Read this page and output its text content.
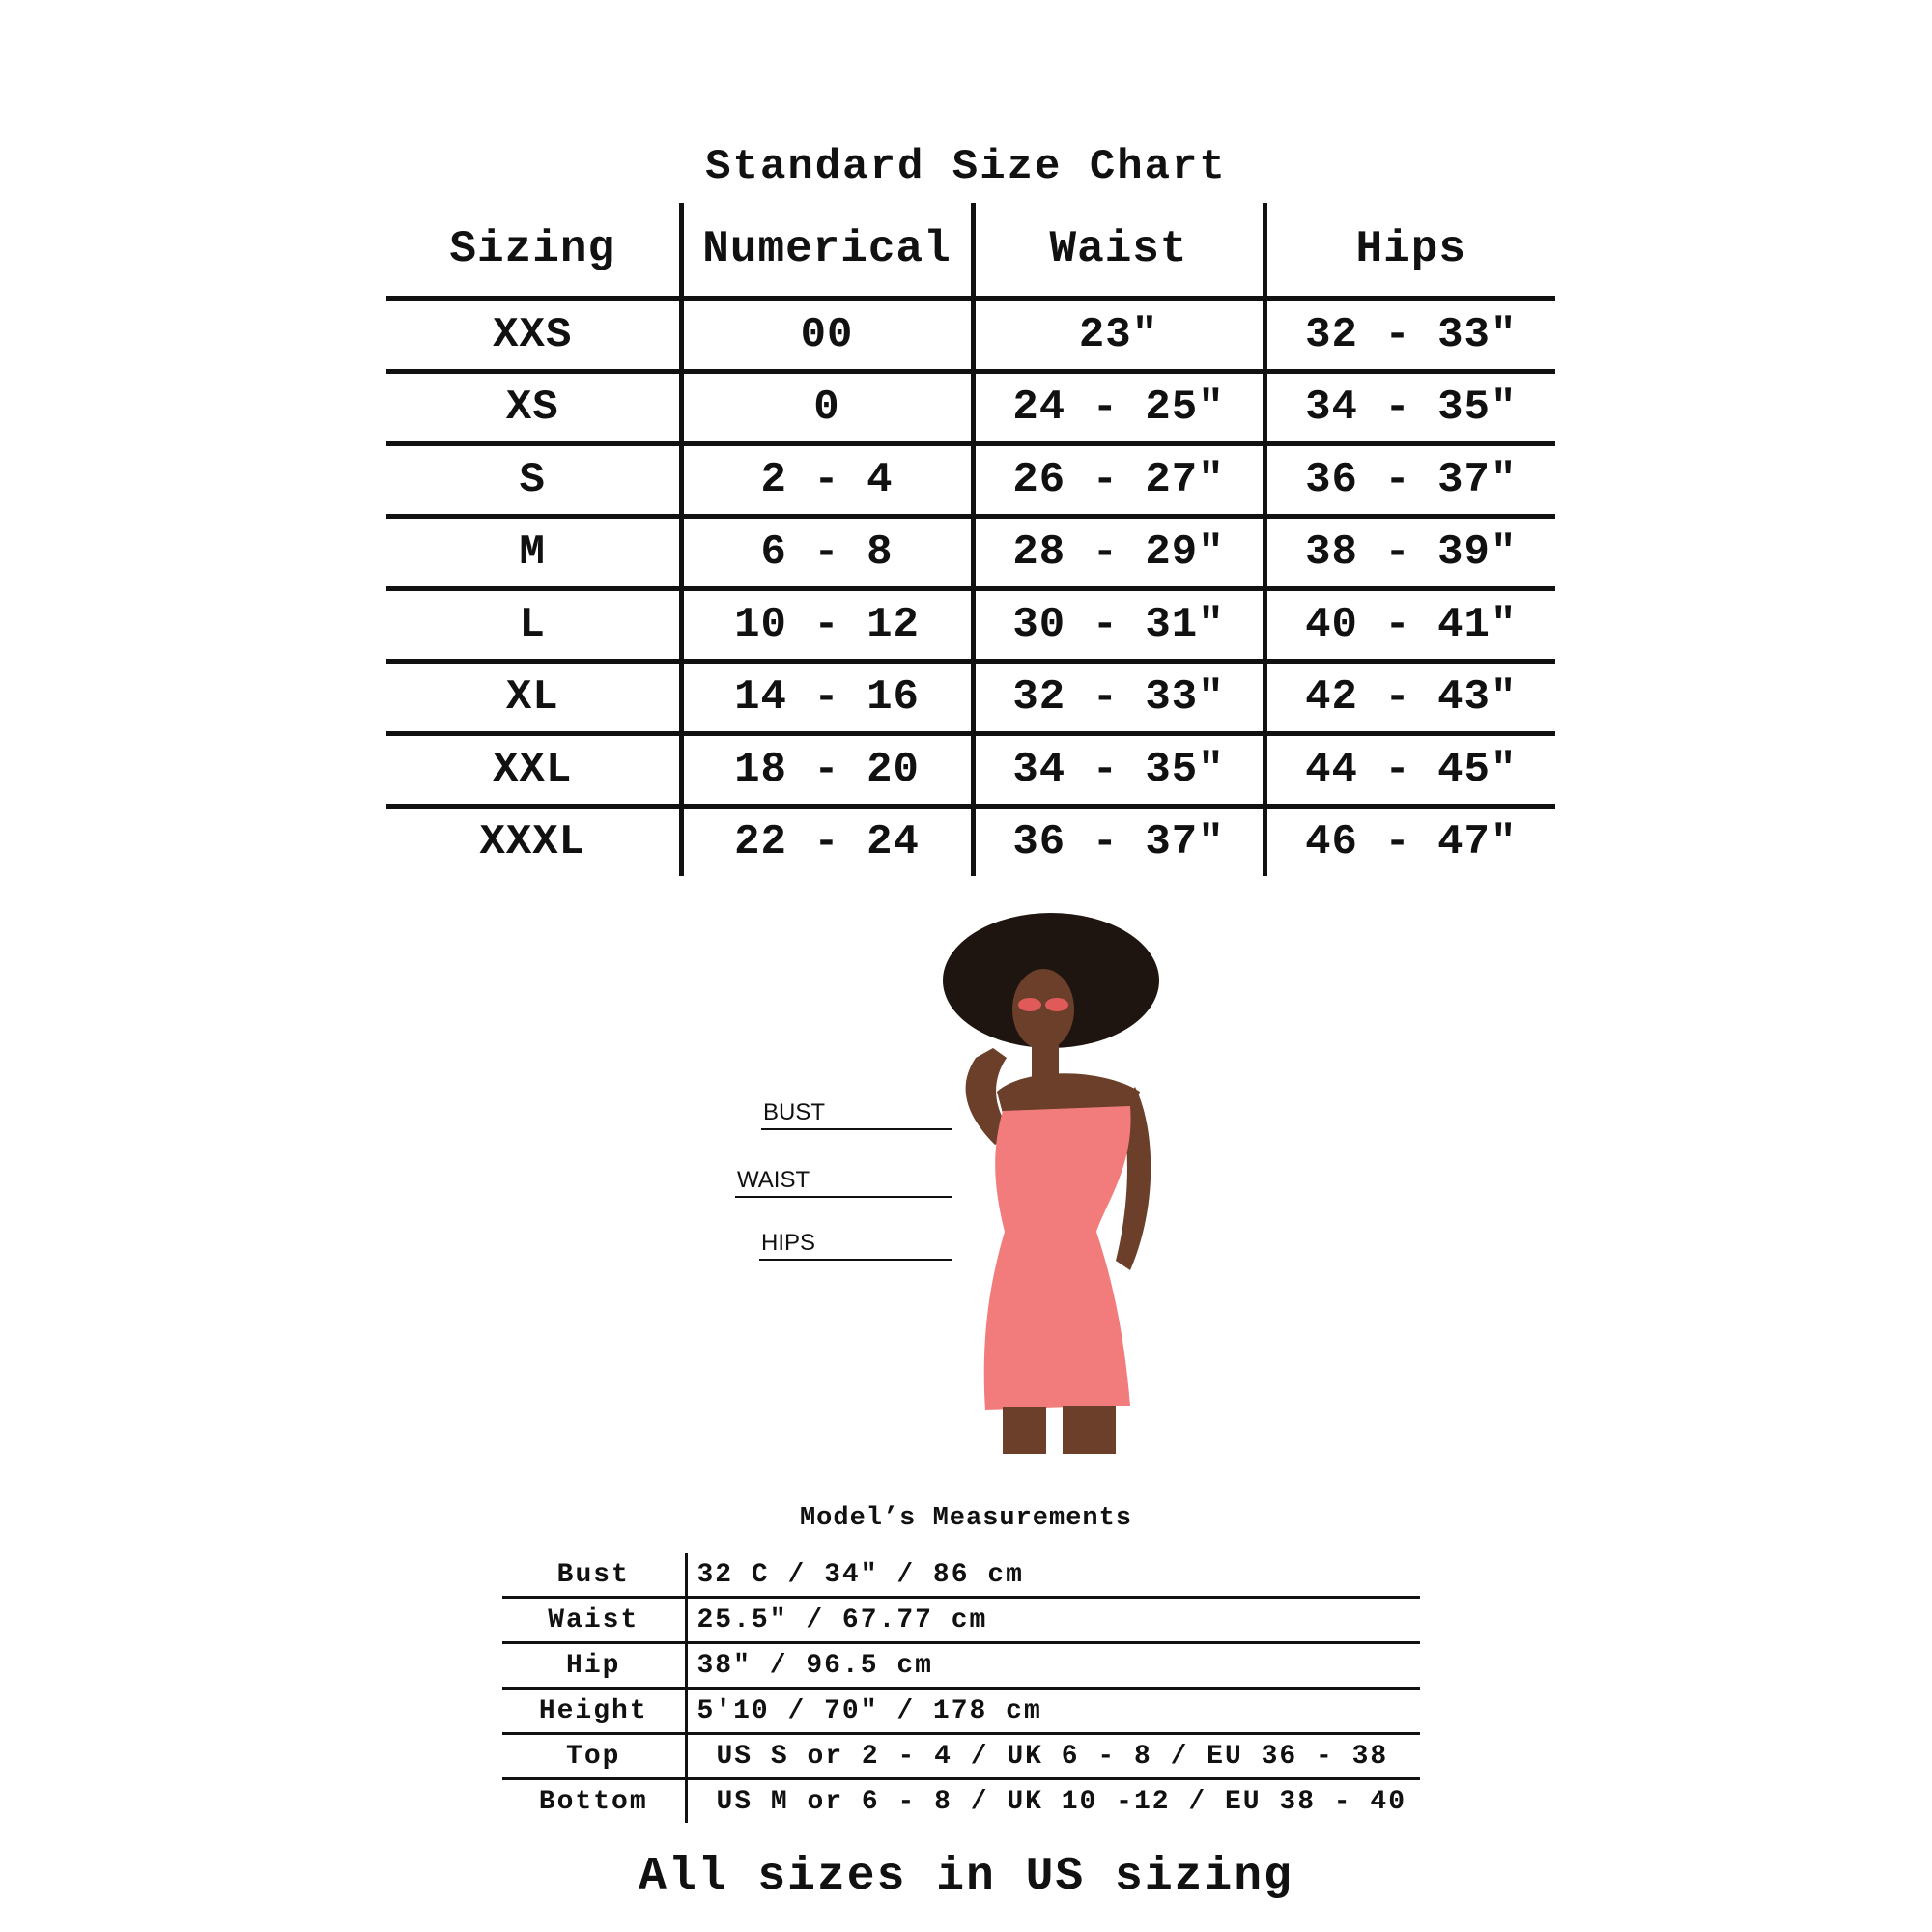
Standard Size Chart
Sizing	Numerical	Waist	Hips
XXS	00	23″	32 - 33″
XS	0	24 - 25″	34 - 35″
S	2 - 4	26 - 27″	36 - 37″
M	6 - 8	28 - 29″	38 - 39″
L	10 - 12	30 - 31″	40 - 41″
XL	14 - 16	32 - 33″	42 - 43″
XXL	18 - 20	34 - 35″	44 - 45″
XXXL	22 - 24	36 - 37″	46 - 47″
BUST
WAIST
HIPS
Model’s Measurements
Bust	32 C / 34″ / 86 cm
Waist	25.5″ / 67.77 cm
Hip	38″ / 96.5 cm
Height	5′10 / 70″ / 178 cm
Top	US S or 2 - 4 / UK 6 - 8 / EU 36 - 38
Bottom	US M or 6 - 8 / UK 10 -12 / EU 38 - 40
All sizes in US sizing
